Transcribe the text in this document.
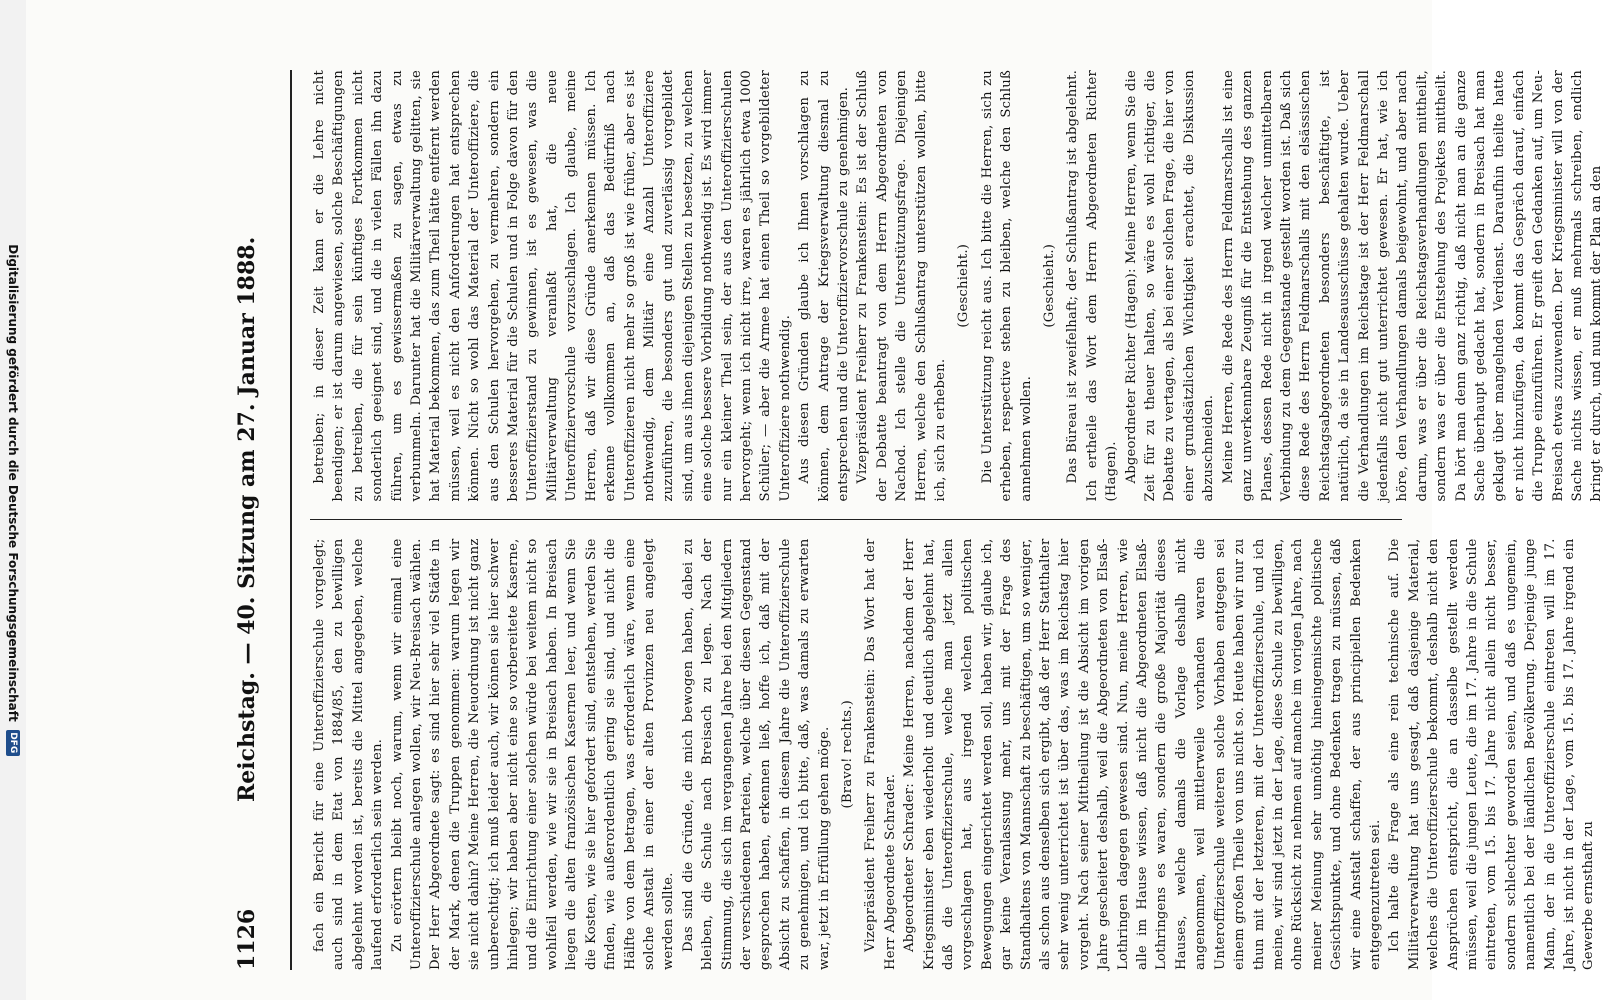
1126
Reichstag. — 40. Sitzung am 27. Januar 1888.	fach ein Bericht für eine Unteroffizierschule vorgelegt; auch sind in dem Etat von 1884/85, den zu bewilligen abgelehnt worden ist, bereits die Mittel angegeben, welche laufend erforderlich sein werden. Zu erörtern bleibt noch, warum, wenn wir einmal eine Unteroffizierschule anlegen wollen, wir Neu-Breisach wählen. Der Herr Abgeordnete sagt: es sind hier sehr viel Städte in der Mark, denen die Truppen genommen: warum legen wir sie nicht dahin? Meine Herren, die Neuordnung ist nicht ganz unberechtigt; ich muß leider auch, wir können sie hier schwer hinlegen; wir haben aber nicht eine so vorbereitete Kaserne, und die Einrichtung einer solchen würde bei weitem nicht so wohlfeil werden, wie wir sie in Breisach haben. In Breisach liegen die alten französischen Kasernen leer, und wenn Sie die Kosten, wie sie hier gefordert sind, entstehen, werden Sie finden, wie außerordentlich gering sie sind, und nicht die Hälfte von dem betragen, was erforderlich wäre, wenn eine solche Anstalt in einer der alten Provinzen neu angelegt werden sollte. Das sind die Gründe, die mich bewogen haben, dabei zu bleiben, die Schule nach Breisach zu legen. Nach der Stimmung, die sich im vergangenen Jahre bei den Mitgliedern der verschiedenen Parteien, welche über diesen Gegenstand gesprochen haben, erkennen ließ, hoffe ich, daß mit der Absicht zu schaffen, in diesem Jahre die Unteroffizierschule zu genehmigen, und ich bitte, daß, was damals zu erwarten war, jetzt in Erfüllung gehen möge. (Bravo! rechts.) Vizepräsident Freiherr zu Frankenstein: Das Wort hat der Herr Abgeordnete Schrader. Abgeordneter Schrader: Meine Herren, nachdem der Herr Kriegsminister eben wiederholt und deutlich abgelehnt hat, daß die Unteroffizierschule, welche man jetzt allein vorgeschlagen hat, aus irgend welchen politischen Bewegungen eingerichtet werden soll, haben wir, glaube ich, gar keine Veranlassung mehr, uns mit der Frage des Standhaltens von Mannschaft zu beschäftigen, um so weniger, als schon aus denselben sich ergibt, daß der Herr Statthalter sehr wenig unterrichtet ist über das, was im Reichstag hier vorgeht. Nach seiner Mittheilung ist die Absicht im vorigen Jahre gescheitert deshalb, weil die Abgeordneten von Elsaß-Lothringen dagegen gewesen sind. Nun, meine Herren, wie alle im Hause wissen, daß nicht die Abgeordneten Elsaß-Lothringens es waren, sondern die große Majorität dieses Hauses, welche damals die Vorlage deshalb nicht angenommen, weil mittlerweile vorhanden waren die Unteroffizierschule weiteren solche Vorhaben entgegen sei einem großen Theile von uns nicht so. Heute haben wir nur zu thun mit der letzteren, mit der Unteroffizierschule, und ich meine, wir sind jetzt in der Lage, diese Schule zu bewilligen, ohne Rücksicht zu nehmen auf manche im vorigen Jahre, nach meiner Meinung sehr unnöthig hineingemischte politische Gesichtspunkte, und ohne Bedenken tragen zu müssen, daß wir eine Anstalt schaffen, der aus principiellen Bedenken entgegenzutreten sei. Ich halte die Frage als eine rein technische auf. Die Militärverwaltung hat uns gesagt, daß dasjenige Material, welches die Unteroffizierschule bekommt, deshalb nicht den Ansprüchen entspricht, die an dasselbe gestellt werden müssen, weil die jungen Leute, die im 17. Jahre in die Schule eintreten, vom 15. bis 17. Jahre nicht allein nicht besser, sondern schlechter geworden seien, und daß es ungemein, namentlich bei der ländlichen Bevölkerung. Derjenige junge Mann, der in die Unteroffizierschule eintreten will im 17. Jahre, ist nicht in der Lage, vom 15. bis 17. Jahre irgend ein Gewerbe ernsthaft zu

betreiben; in dieser Zeit kann er die Lehre nicht beendigen; er ist darum angewiesen, solche Beschäftigungen zu betreiben, die für sein künftiges Fortkommen nicht sonderlich geeignet sind, und die in vielen Fällen ihn dazu führen, um es gewissermaßen zu sagen, etwas zu verbummeln. Darunter hat die Militärverwaltung gelitten, sie hat Material bekommen, das zum Theil hätte entfernt werden müssen, weil es nicht den Anforderungen hat entsprechen können. Nicht so wohl das Material der Unteroffiziere, die aus den Schulen hervorgehen, zu vermehren, sondern ein besseres Material für die Schulen und in Folge davon für den Unteroffizierstand zu gewinnen, ist es gewesen, was die Militärverwaltung veranlaßt hat, die neue Unteroffiziervorschule vorzuschlagen. Ich glaube, meine Herren, daß wir diese Gründe anerkennen müssen. Ich erkenne vollkommen an, daß das Bedürfniß nach Unteroffizieren nicht mehr so groß ist wie früher, aber es ist nothwendig, dem Militär eine Anzahl Unteroffiziere zuzuführen, die besonders gut und zuverlässig vorgebildet sind, um aus ihnen diejenigen Stellen zu besetzen, zu welchen eine solche bessere Vorbildung nothwendig ist. Es wird immer nur ein kleiner Theil sein, der aus den Unteroffizierschulen hervorgeht; wenn ich nicht irre, waren es jährlich etwa 1000 Schüler; — aber die Armee hat einen Theil so vorgebildeter Unteroffiziere nothwendig. Aus diesen Gründen glaube ich Ihnen vorschlagen zu können, dem Antrage der Kriegsverwaltung diesmal zu entsprechen und die Unteroffiziervorschule zu genehmigen. Vizepräsident Freiherr zu Frankenstein: Es ist der Schluß der Debatte beantragt von dem Herrn Abgeordneten von Nachod. Ich stelle die Unterstützungsfrage. Diejenigen Herren, welche den Schlußantrag unterstützen wollen, bitte ich, sich zu erheben.

(Geschieht.) Die Unterstützung reicht aus. Ich bitte die Herren, sich zu erheben, respective stehen zu bleiben, welche den Schluß annehmen wollen.

(Geschieht.) Das Büreau ist zweifelhaft; der Schlußantrag ist abgelehnt. Ich ertheile das Wort dem Herrn Abgeordneten Richter (Hagen). Abgeordneter Richter (Hagen): Meine Herren, wenn Sie die Zeit für zu theuer halten, so wäre es wohl richtiger, die Debatte zu vertagen, als bei einer solchen Frage, die hier von einer grundsätzlichen Wichtigkeit erachtet, die Diskussion abzuschneiden. Meine Herren, die Rede des Herrn Feldmarschalls ist eine ganz unverkennbare Zeugniß für die Entstehung des ganzen Planes, dessen Rede nicht in irgend welcher unmittelbaren Verbindung zu dem Gegenstande gestellt worden ist. Daß sich diese Rede des Herrn Feldmarschalls mit den elsässischen Reichstagsabgeordneten besonders beschäftigte, ist natürlich, da sie in Landesausschüsse gehalten wurde. Ueber die Verhandlungen im Reichstage ist der Herr Feldmarschall jedenfalls nicht gut unterrichtet gewesen. Er hat, wie ich höre, den Verhandlungen damals beigewohnt, und aber nach darum, was er über die Reichstagsverhandlungen mittheilt, sondern was er über die Entstehung des Projektes mittheilt. Da hört man denn ganz richtig, daß nicht man an die ganze Sache überhaupt gedacht hat, sondern in Breisach hat man geklagt über mangelnden Verdienst. Daraufhin theilte hatte er nicht hinzufügen, da kommt das Gespräch darauf, einfach die Truppe einzuführen. Er greift den Gedanken auf, um Neu-Breisach etwas zuzuwenden. Der Kriegsminister will von der Sache nichts wissen, er muß mehrmals schreiben, endlich bringt er durch, und nun kommt der Plan an den

Digitalisierung gefördert durch die Deutsche Forschungsgemeinschaft
DFG
